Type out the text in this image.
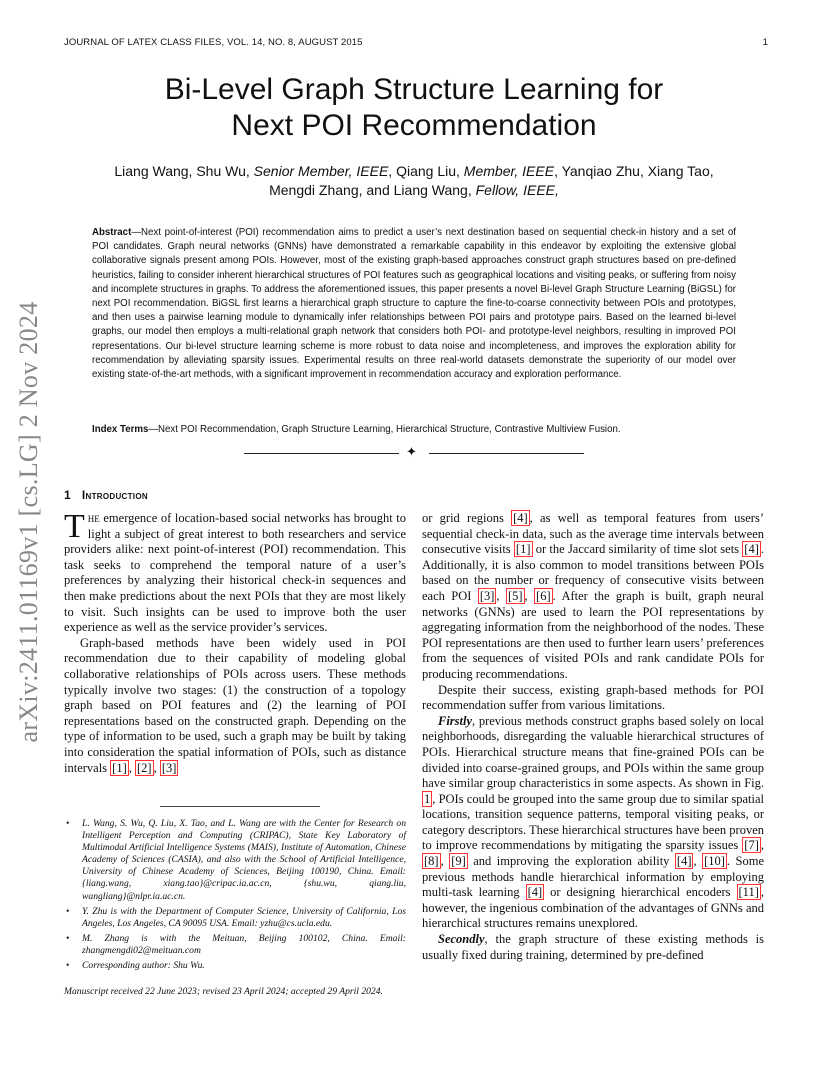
JOURNAL OF LATEX CLASS FILES, VOL. 14, NO. 8, AUGUST 2015	1
Bi-Level Graph Structure Learning for
Next POI Recommendation
Liang Wang, Shu Wu, Senior Member, IEEE, Qiang Liu, Member, IEEE, Yanqiao Zhu, Xiang Tao,
Mengdi Zhang, and Liang Wang, Fellow, IEEE,
Abstract—Next point-of-interest (POI) recommendation aims to predict a user’s next destination based on sequential check-in history and a set of POI candidates. Graph neural networks (GNNs) have demonstrated a remarkable capability in this endeavor by exploiting the extensive global collaborative signals present among POIs. However, most of the existing graph-based approaches construct graph structures based on pre-defined heuristics, failing to consider inherent hierarchical structures of POI features such as geographical locations and visiting peaks, or suffering from noisy and incomplete structures in graphs. To address the aforementioned issues, this paper presents a novel Bi-level Graph Structure Learning (BiGSL) for next POI recommendation. BiGSL first learns a hierarchical graph structure to capture the fine-to-coarse connectivity between POIs and prototypes, and then uses a pairwise learning module to dynamically infer relationships between POI pairs and prototype pairs. Based on the learned bi-level graphs, our model then employs a multi-relational graph network that considers both POI- and prototype-level neighbors, resulting in improved POI representations. Our bi-level structure learning scheme is more robust to data noise and incompleteness, and improves the exploration ability for recommendation by alleviating sparsity issues. Experimental results on three real-world datasets demonstrate the superiority of our model over existing state-of-the-art methods, with a significant improvement in recommendation accuracy and exploration performance.
Index Terms—Next POI Recommendation, Graph Structure Learning, Hierarchical Structure, Contrastive Multiview Fusion.
✦
arXiv:2411.01169v1 [cs.LG] 2 Nov 2024 1 Introduction

The emergence of location-based social networks has brought to light a subject of great interest to both researchers and service providers alike: next point-of-interest (POI) recommendation. This task seeks to comprehend the temporal nature of a user’s preferences by analyzing their historical check-in sequences and then make predictions about the next POIs that they are most likely to visit. Such insights can be used to improve both the user experience as well as the service provider’s services.

Graph-based methods have been widely used in POI recommendation due to their capability of modeling global collaborative relationships of POIs across users. These methods typically involve two stages: (1) the construction of a topology graph based on POI features and (2) the learning of POI representations based on the constructed graph. Depending on the type of information to be used, such a graph may be built by taking into consideration the spatial information of POIs, such as distance intervals [1] , [2] , [3]

• L. Wang, S. Wu, Q. Liu, X. Tao, and L. Wang are with the Center for Research on Intelligent Perception and Computing (CRIPAC), State Key Laboratory of Multimodal Artificial Intelligence Systems (MAIS), Institute of Automation, Chinese Academy of Sciences (CASIA), and also with the School of Artificial Intelligence, University of Chinese Academy of Sciences, Beijing 100190, China. Email: {liang.wang, xiang.tao}@cripac.ia.ac.cn, {shu.wu, qiang.liu, wangliang}@nlpr.ia.ac.cn.
• Y. Zhu is with the Department of Computer Science, University of California, Los Angeles, Los Angeles, CA 90095 USA. Email: yzhu@cs.ucla.edu.
• M. Zhang is with the Meituan, Beijing 100102, China. Email: zhangmengdi02@meituan.com
• Corresponding author: Shu Wu.
Manuscript received 22 June 2023; revised 23 April 2024; accepted 29 April 2024.

or grid regions [4] , as well as temporal features from users’ sequential check-in data, such as the average time intervals between consecutive visits [1] or the Jaccard similarity of time slot sets [4] . Additionally, it is also common to model transitions between POIs based on the number or frequency of consecutive visits between each POI [3] , [5] , [6] . After the graph is built, graph neural networks (GNNs) are used to learn the POI representations by aggregating information from the neighborhood of the nodes. These POI representations are then used to further learn users’ preferences from the sequences of visited POIs and rank candidate POIs for producing recommendations.

Despite their success, existing graph-based methods for POI recommendation suffer from various limitations.

Firstly, previous methods construct graphs based solely on local neighborhoods, disregarding the valuable hierarchical structures of POIs. Hierarchical structure means that fine-grained POIs can be divided into coarse-grained groups, and POIs within the same group have similar group characteristics in some aspects. As shown in Fig. 1 , POIs could be grouped into the same group due to similar spatial locations, transition sequence patterns, temporal visiting peaks, or category descriptors. These hierarchical structures have been proven to improve recommendations by mitigating the sparsity issues [7] , [8] , [9] and improving the exploration ability [4] , [10] . Some previous methods handle hierarchical information by employing multi-task learning [4] or designing hierarchical encoders [11] , however, the ingenious combination of the advantages of GNNs and hierarchical structures remains unexplored.

Secondly, the graph structure of these existing methods is usually fixed during training, determined by pre-defined
